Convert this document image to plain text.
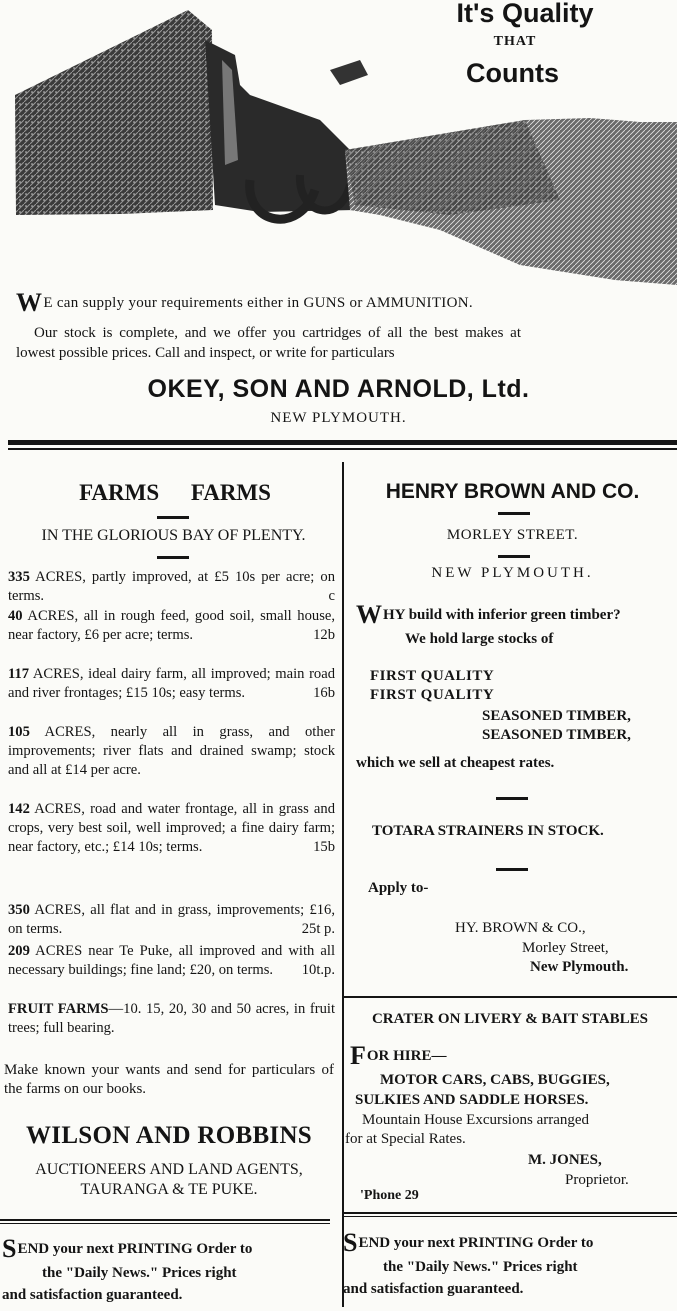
It's Quality
THAT
Counts
WE can supply your requirements either in GUNS or AMMUNITION.
Our stock is complete, and we offer you cartridges of all the best makes at
lowest possible prices. Call and inspect, or write for particulars
OKEY, SON AND ARNOLD, Ltd.
NEW PLYMOUTH.
FARMS FARMS
IN THE GLORIOUS BAY OF PLENTY.
335 ACRES, partly improved, at £5 10s per acre; on terms.	c
40 ACRES, all in rough feed, good soil, small house, near factory, £6 per acre; terms.	12b
117 ACRES, ideal dairy farm, all improved; main road and river frontages; £15 10s; easy terms.	16b
105 ACRES, nearly all in grass, and other improvements; river flats and drained swamp; stock and all at £14 per acre.
142 ACRES, road and water frontage, all in grass and crops, very best soil, well improved; a fine dairy farm; near factory, etc.; £14 10s; terms.	15b
350 ACRES, all flat and in grass, improvements; £16, on terms.	25t p.
209 ACRES near Te Puke, all improved and with all necessary buildings; fine land; £20, on terms. 10t.p.
FRUIT FARMS—10. 15, 20, 30 and 50 acres, in fruit trees; full bearing.
Make known your wants and send for particulars of the farms on our books.
WILSON AND ROBBINS
AUCTIONEERS AND LAND AGENTS,
TAURANGA & TE PUKE.
SEND your next PRINTING Order to
the "Daily News." Prices right
and satisfaction guaranteed.
HENRY BROWN AND CO.
MORLEY STREET.
NEW PLYMOUTH.
WHY build with inferior green timber?
We hold large stocks of
FIRST QUALITY
FIRST QUALITY
SEASONED TIMBER,
SEASONED TIMBER,
which we sell at cheapest rates.
TOTARA STRAINERS IN STOCK.
Apply to-
HY. BROWN & CO.,
Morley Street,
New Plymouth.
CRATER ON LIVERY & BAIT STABLES
FOR HIRE—
MOTOR CARS, CABS, BUGGIES,
SULKIES AND SADDLE HORSES.
Mountain House Excursions arranged
for at Special Rates.
M. JONES,
Proprietor.
'Phone 29
SEND your next PRINTING Order to
the "Daily News." Prices right
and satisfaction guaranteed.
